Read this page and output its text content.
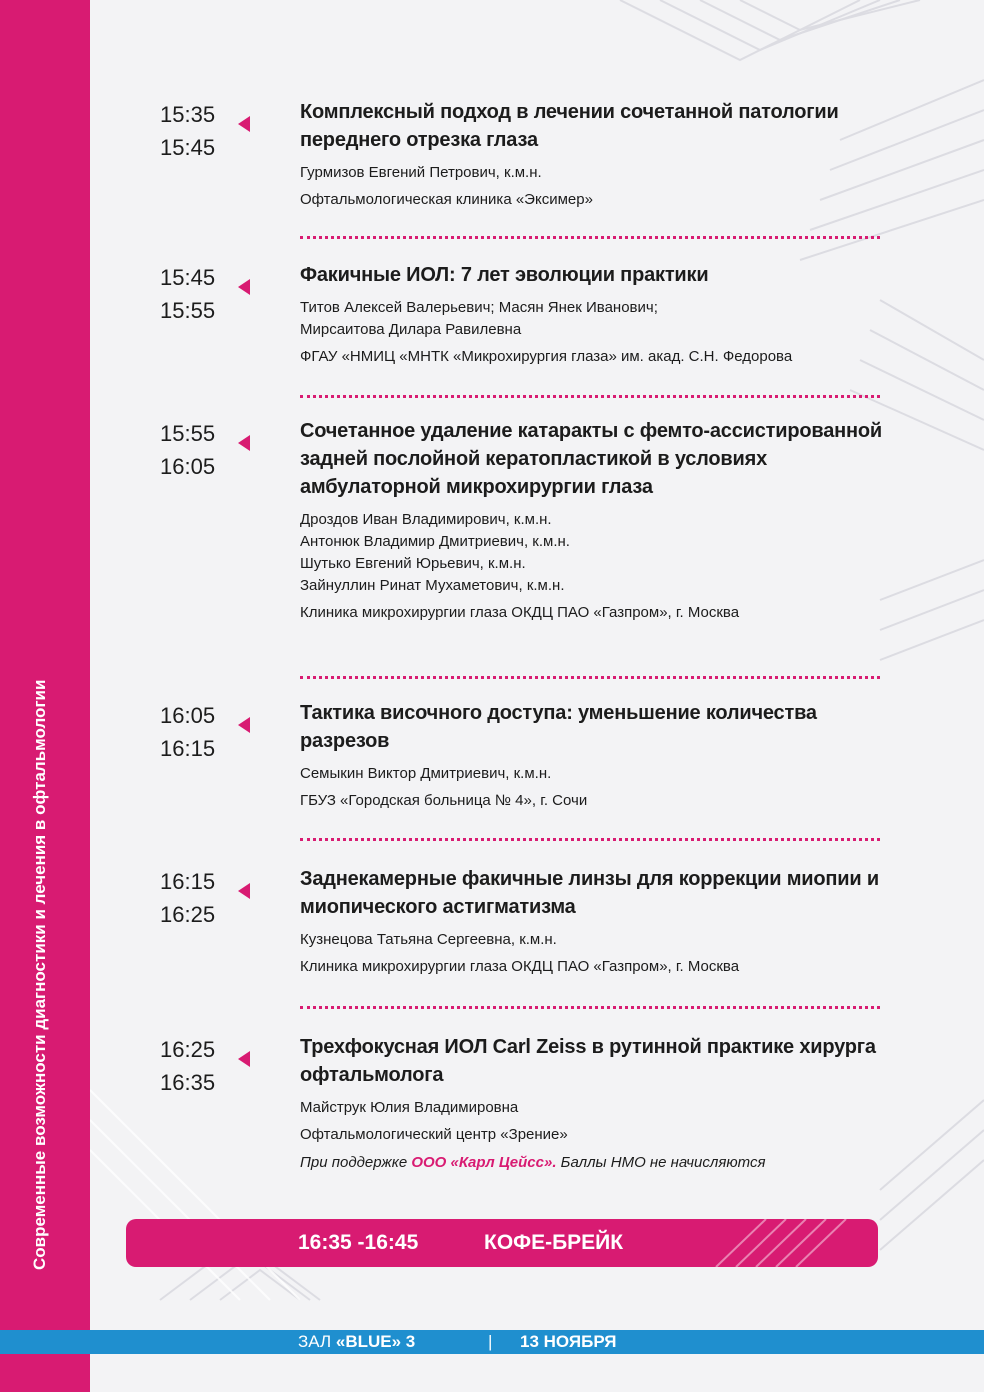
Современные возможности диагностики и лечения в офтальмологии
15:35
15:45

Комплексный подход в лечении сочетанной патологии переднего отрезка глаза

Гурмизов Евгений Петрович, к.м.н.

Офтальмологическая клиника «Эксимер»

15:45
15:55

Факичные ИОЛ: 7 лет эволюции практики

Титов Алексей Валерьевич; Масян Янек Иванович;

Мирсаитова Дилара Равилевна

ФГАУ «НМИЦ «МНТК «Микрохирургия глаза» им. акад. С.Н. Федорова

15:55
16:05

Сочетанное удаление катаракты с фемто-ассистированной задней послойной кератопластикой в условиях амбулаторной микрохирургии глаза

Дроздов Иван Владимирович, к.м.н.

Антонюк Владимир Дмитриевич, к.м.н.

Шутько Евгений Юрьевич, к.м.н.

Зайнуллин Ринат Мухаметович, к.м.н.

Клиника микрохирургии глаза ОКДЦ ПАО «Газпром», г. Москва

16:05
16:15

Тактика височного доступа: уменьшение количества разрезов

Семыкин Виктор Дмитриевич, к.м.н.

ГБУЗ «Городская больница № 4», г. Сочи

16:15
16:25

Заднекамерные факичные линзы для коррекции миопии и миопического астигматизма

Кузнецова Татьяна Сергеевна, к.м.н.

Клиника микрохирургии глаза ОКДЦ ПАО «Газпром», г. Москва

16:25
16:35

Трехфокусная ИОЛ Carl Zeiss в рутинной практике хирурга офтальмолога

Майструк Юлия Владимировна

Офтальмологический центр «Зрение»

При поддержке ООО «Карл Цейсс». Баллы НМО не начисляются

16:35 -16:45	КОФЕ-БРЕЙК
ЗАЛ «BLUE» 3	| 13 НОЯБРЯ
